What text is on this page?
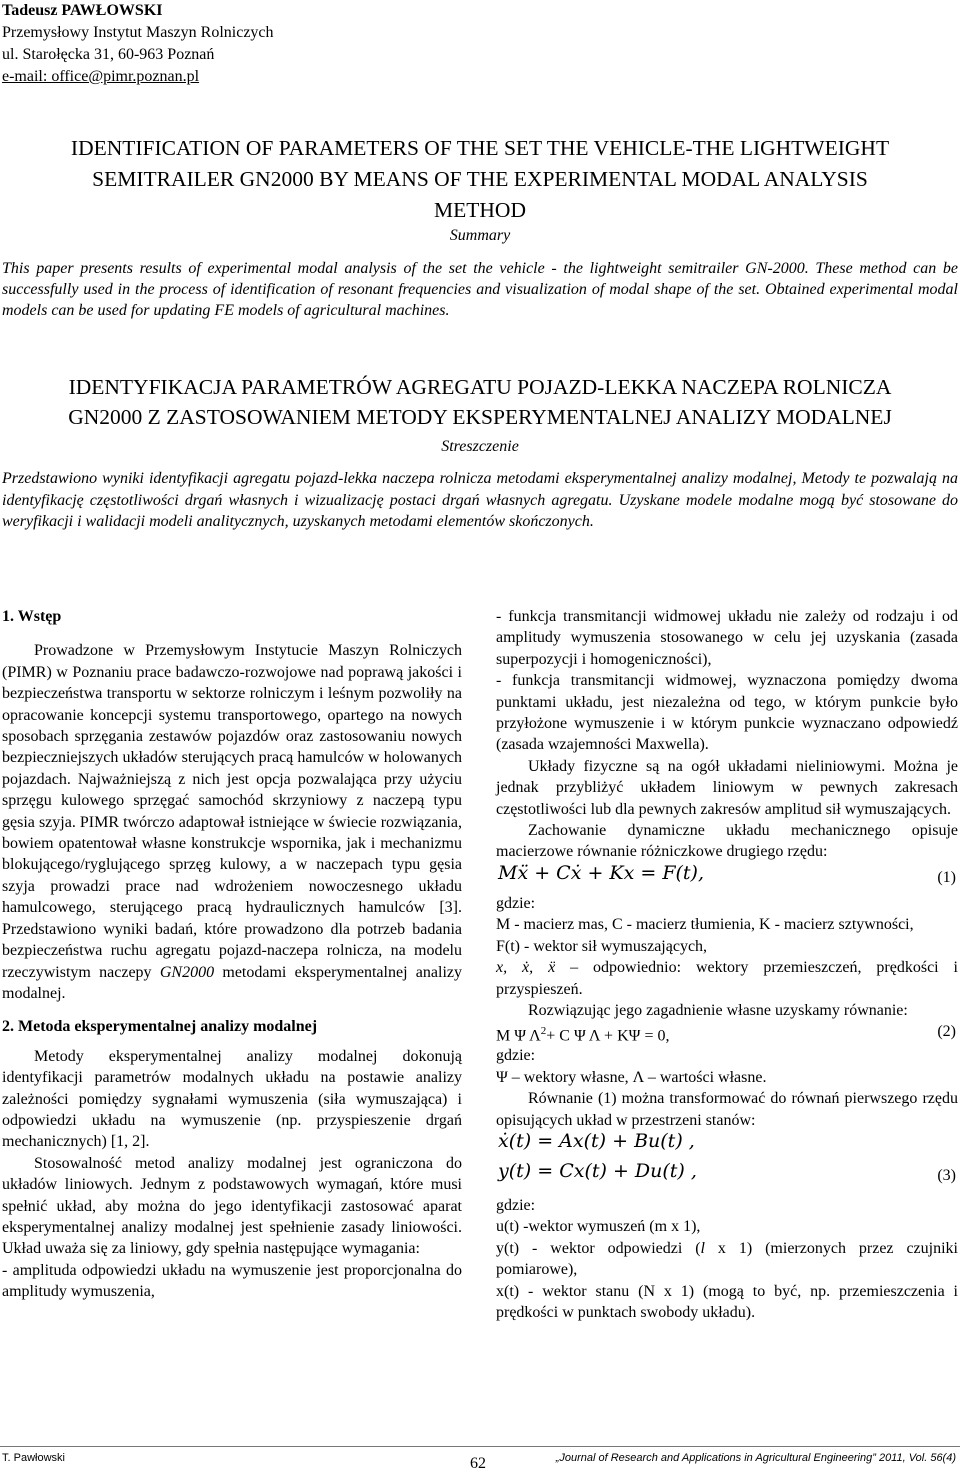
Tadeusz PAWŁOWSKI
Przemysłowy Instytut Maszyn Rolniczych
ul. Starołęcka 31, 60-963 Poznań
e-mail: office@pimr.poznan.pl
IDENTIFICATION OF PARAMETERS OF THE SET THE VEHICLE-THE LIGHTWEIGHT
SEMITRAILER GN2000 BY MEANS OF THE EXPERIMENTAL MODAL ANALYSIS
METHOD
Summary
This paper presents results of experimental modal analysis of the set the vehicle - the lightweight semitrailer GN-2000. These method can be successfully used in the process of identification of resonant frequencies and visualization of modal shape of the set. Obtained experimental modal models can be used for updating FE models of agricultural machines.
IDENTYFIKACJA PARAMETRÓW AGREGATU POJAZD-LEKKA NACZEPA ROLNICZA
GN2000 Z ZASTOSOWANIEM METODY EKSPERYMENTALNEJ ANALIZY MODALNEJ
Streszczenie
Przedstawiono wyniki identyfikacji agregatu pojazd-lekka naczepa rolnicza metodami eksperymentalnej analizy modalnej, Metody te pozwalają na identyfikację częstotliwości drgań własnych i wizualizację postaci drgań własnych agregatu. Uzyskane modele modalne mogą być stosowane do weryfikacji i walidacji modeli analitycznych, uzyskanych metodami elementów skończonych.

1. Wstęp

Prowadzone w Przemysłowym Instytucie Maszyn Rolniczych (PIMR) w Poznaniu prace badawczo-rozwojowe nad poprawą jakości i bezpieczeństwa transportu w sektorze rolniczym i leśnym pozwoliły na opracowanie koncepcji systemu transportowego, opartego na nowych sposobach sprzęgania zestawów pojazdów oraz zastosowaniu nowych bezpieczniejszych układów sterujących pracą hamulców w holowanych pojazdach. Najważniejszą z nich jest opcja pozwalająca przy użyciu sprzęgu kulowego sprzęgać samochód skrzyniowy z naczepą typu gęsia szyja. PIMR twórczo adaptował istniejące w świecie rozwiązania, bowiem opatentował własne konstrukcje wspornika, jak i mechanizmu blokującego/ryglującego sprzęg kulowy, a w naczepach typu gęsia szyja prowadzi prace nad wdrożeniem nowoczesnego układu hamulcowego, sterującego pracą hydraulicznych hamulców [3]. Przedstawiono wyniki badań, które prowadzono dla potrzeb badania bezpieczeństwa ruchu agregatu pojazd-naczepa rolnicza, na modelu rzeczywistym naczepy GN2000 metodami eksperymentalnej analizy modalnej.

2. Metoda eksperymentalnej analizy modalnej

Metody eksperymentalnej analizy modalnej dokonują identyfikacji parametrów modalnych układu na postawie analizy zależności pomiędzy sygnałami wymuszenia (siła wymuszająca) i odpowiedzi układu na wymuszenie (np. przyspieszenie drgań mechanicznych) [1, 2].

Stosowalność metod analizy modalnej jest ograniczona do układów liniowych. Jednym z podstawowych wymagań, które musi spełnić układ, aby można do jego identyfikacji zastosować aparat eksperymentalnej analizy modalnej jest spełnienie zasady liniowości. Układ uważa się za liniowy, gdy spełnia następujące wymagania:

- amplituda odpowiedzi układu na wymuszenie jest proporcjonalna do amplitudy wymuszenia,

- funkcja transmitancji widmowej układu nie zależy od rodzaju i od amplitudy wymuszenia stosowanego w celu jej uzyskania (zasada superpozycji i homogeniczności),

- funkcja transmitancji widmowej, wyznaczona pomiędzy dwoma punktami układu, jest niezależna od tego, w którym punkcie było przyłożone wymuszenie i w którym punkcie wyznaczano odpowiedź (zasada wzajemności Maxwella).

Układy fizyczne są na ogół układami nieliniowymi. Można je jednak przybliżyć układem liniowym w pewnych zakresach częstotliwości lub dla pewnych zakresów amplitud sił wymuszających.

Zachowanie dynamiczne układu mechanicznego opisuje macierzowe równanie różniczkowe drugiego rzędu:

Mẍ + Cẋ + Kx = F(t),	(1)

gdzie:

M - macierz mas, C - macierz tłumienia, K - macierz sztywności,

F(t) - wektor sił wymuszających,

x, ẋ, ẍ – odpowiednio: wektory przemieszczeń, prędkości i przyspieszeń.

Rozwiązując jego zagadnienie własne uzyskamy równanie:

M Ψ $\Lambda^2+ C$ Ψ Λ + KΨ = 0,	(2)

gdzie:

Ψ – wektory własne, Λ – wartości własne.

Równanie (1) można transformować do równań pierwszego rzędu opisujących układ w przestrzeni stanów:

ẋ(t) = Ax(t) + Bu(t) ,
y(t) = Cx(t) + Du(t) ,	(3)

gdzie:

u(t) -wektor wymuszeń (m x 1),

y(t) - wektor odpowiedzi (l x 1) (mierzonych przez czujniki pomiarowe),

x(t) - wektor stanu (N x 1) (mogą to być, np. przemieszczenia i prędkości w punktach swobody układu).

T. Pawłowski	62	„Journal of Research and Applications in Agricultural Engineering” 2011, Vol. 56(4)
